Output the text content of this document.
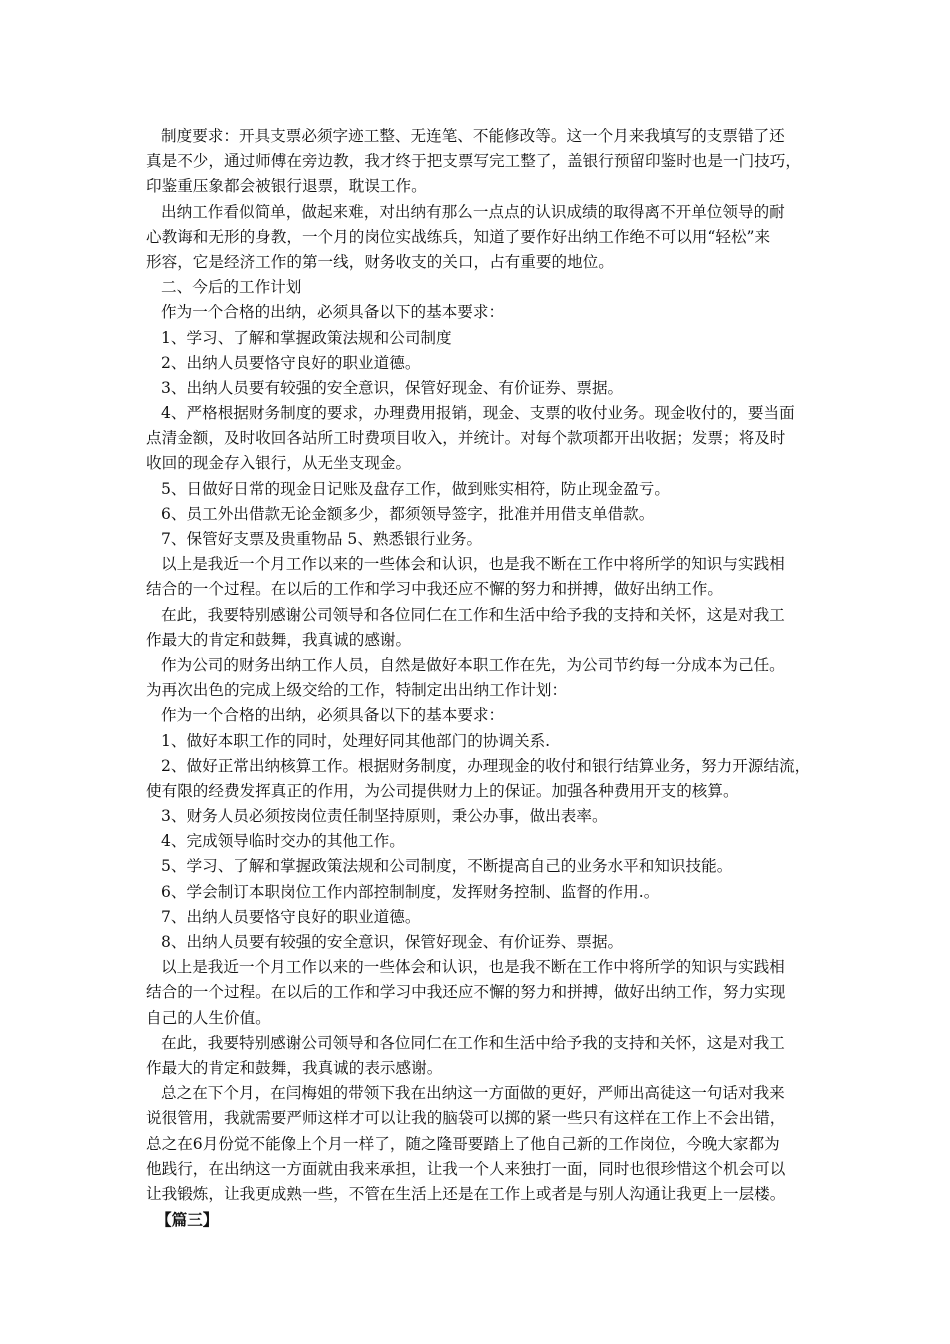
制度要求：开具支票必须字迹工整、无连笔、不能修改等。这一个月来我填写的支票错了还
真是不少，通过师傅在旁边教，我才终于把支票写完工整了，盖银行预留印鉴时也是一门技巧，
印鉴重压象都会被银行退票，耽误工作。
出纳工作看似简单，做起来难，对出纳有那么一点点的认识成绩的取得离不开单位领导的耐
心教诲和无形的身教，一个月的岗位实战练兵，知道了要作好出纳工作绝不可以用“轻松”来
形容，它是经济工作的第一线，财务收支的关口，占有重要的地位。
二、今后的工作计划
作为一个合格的出纳，必须具备以下的基本要求：
1、学习、了解和掌握政策法规和公司制度
2、出纳人员要恪守良好的职业道德。
3、出纳人员要有较强的安全意识，保管好现金、有价证券、票据。
4、严格根据财务制度的要求，办理费用报销，现金、支票的收付业务。现金收付的，要当面
点清金额，及时收回各站所工时费项目收入，并统计。对每个款项都开出收据；发票；将及时
收回的现金存入银行，从无坐支现金。
5、日做好日常的现金日记账及盘存工作，做到账实相符，防止现金盈亏。
6、员工外出借款无论金额多少，都须领导签字，批准并用借支单借款。
7、保管好支票及贵重物品 5、熟悉银行业务。
以上是我近一个月工作以来的一些体会和认识，也是我不断在工作中将所学的知识与实践相
结合的一个过程。在以后的工作和学习中我还应不懈的努力和拼搏，做好出纳工作。
在此，我要特别感谢公司领导和各位同仁在工作和生活中给予我的支持和关怀，这是对我工
作最大的肯定和鼓舞，我真诚的感谢。
作为公司的财务出纳工作人员，自然是做好本职工作在先，为公司节约每一分成本为己任。
为再次出色的完成上级交给的工作，特制定出出纳工作计划：
作为一个合格的出纳，必须具备以下的基本要求：
1、做好本职工作的同时，处理好同其他部门的协调关系.
2、做好正常出纳核算工作。根据财务制度，办理现金的收付和银行结算业务，努力开源结流，
使有限的经费发挥真正的作用，为公司提供财力上的保证。加强各种费用开支的核算。
3、财务人员必须按岗位责任制坚持原则，秉公办事，做出表率。
4、完成领导临时交办的其他工作。
5、学习、了解和掌握政策法规和公司制度，不断提高自己的业务水平和知识技能。
6、学会制订本职岗位工作内部控制制度，发挥财务控制、监督的作用.。
7、出纳人员要恪守良好的职业道德。
8、出纳人员要有较强的安全意识，保管好现金、有价证券、票据。
以上是我近一个月工作以来的一些体会和认识，也是我不断在工作中将所学的知识与实践相
结合的一个过程。在以后的工作和学习中我还应不懈的努力和拼搏，做好出纳工作，努力实现
自己的人生价值。
在此，我要特别感谢公司领导和各位同仁在工作和生活中给予我的支持和关怀，这是对我工
作最大的肯定和鼓舞，我真诚的表示感谢。
总之在下个月，在闫梅姐的带领下我在出纳这一方面做的更好，严师出高徒这一句话对我来
说很管用，我就需要严师这样才可以让我的脑袋可以掷的紧一些只有这样在工作上不会出错，
总之在6月份觉不能像上个月一样了，随之隆哥要踏上了他自己新的工作岗位，今晚大家都为
他践行，在出纳这一方面就由我来承担，让我一个人来独打一面，同时也很珍惜这个机会可以
让我锻炼，让我更成熟一些，不管在生活上还是在工作上或者是与别人沟通让我更上一层楼。
【篇三】
